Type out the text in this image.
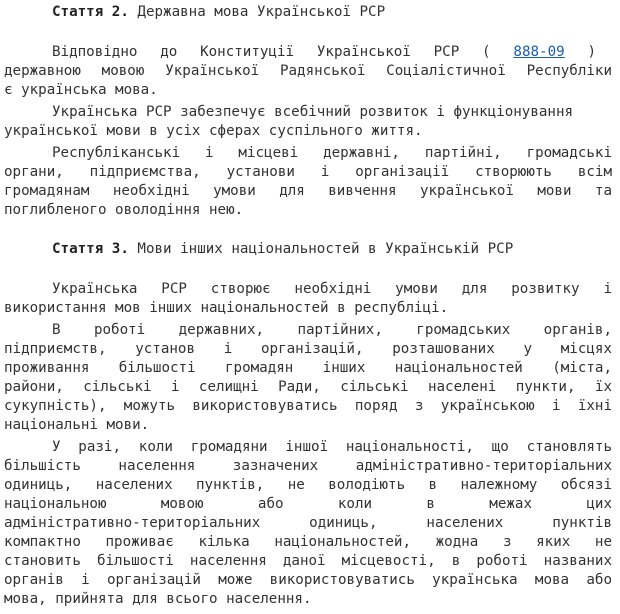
Стаття 2. Державна мова Української РСР
Відповідно до Конституції Української РСР ( 888-09 )
державною мовою Української Радянської Соціалістичної Республіки
є українська мова.
Українська РСР забезпечує всебічний розвиток і функціонування
української мови в усіх сферах суспільного життя.
Республіканські і місцеві державні, партійні, громадські
органи, підприємства, установи і організації створюють всім
громадянам необхідні умови для вивчення української мови та
поглибленого оволодіння нею.
Стаття 3. Мови інших національностей в Українській РСР
Українська РСР створює необхідні умови для розвитку і
використання мов інших національностей в республіці.
В роботі державних, партійних, громадських органів,
підприємств, установ і організацій, розташованих у місцях
проживання більшості громадян інших національностей (міста,
райони, сільські і селищні Ради, сільські населені пункти, їх
сукупність), можуть використовуватись поряд з українською і їхні
національні мови.
У разі, коли громадяни іншої національності, що становлять
більшість населення зазначених адміністративно-територіальних
одиниць, населених пунктів, не володіють в належному обсязі
національною мовою або коли в межах цих
адміністративно-територіальних одиниць, населених пунктів
компактно проживає кілька національностей, жодна з яких не
становить більшості населення даної місцевості, в роботі названих
органів і організацій може використовуватись українська мова або
мова, прийнята для всього населення.
